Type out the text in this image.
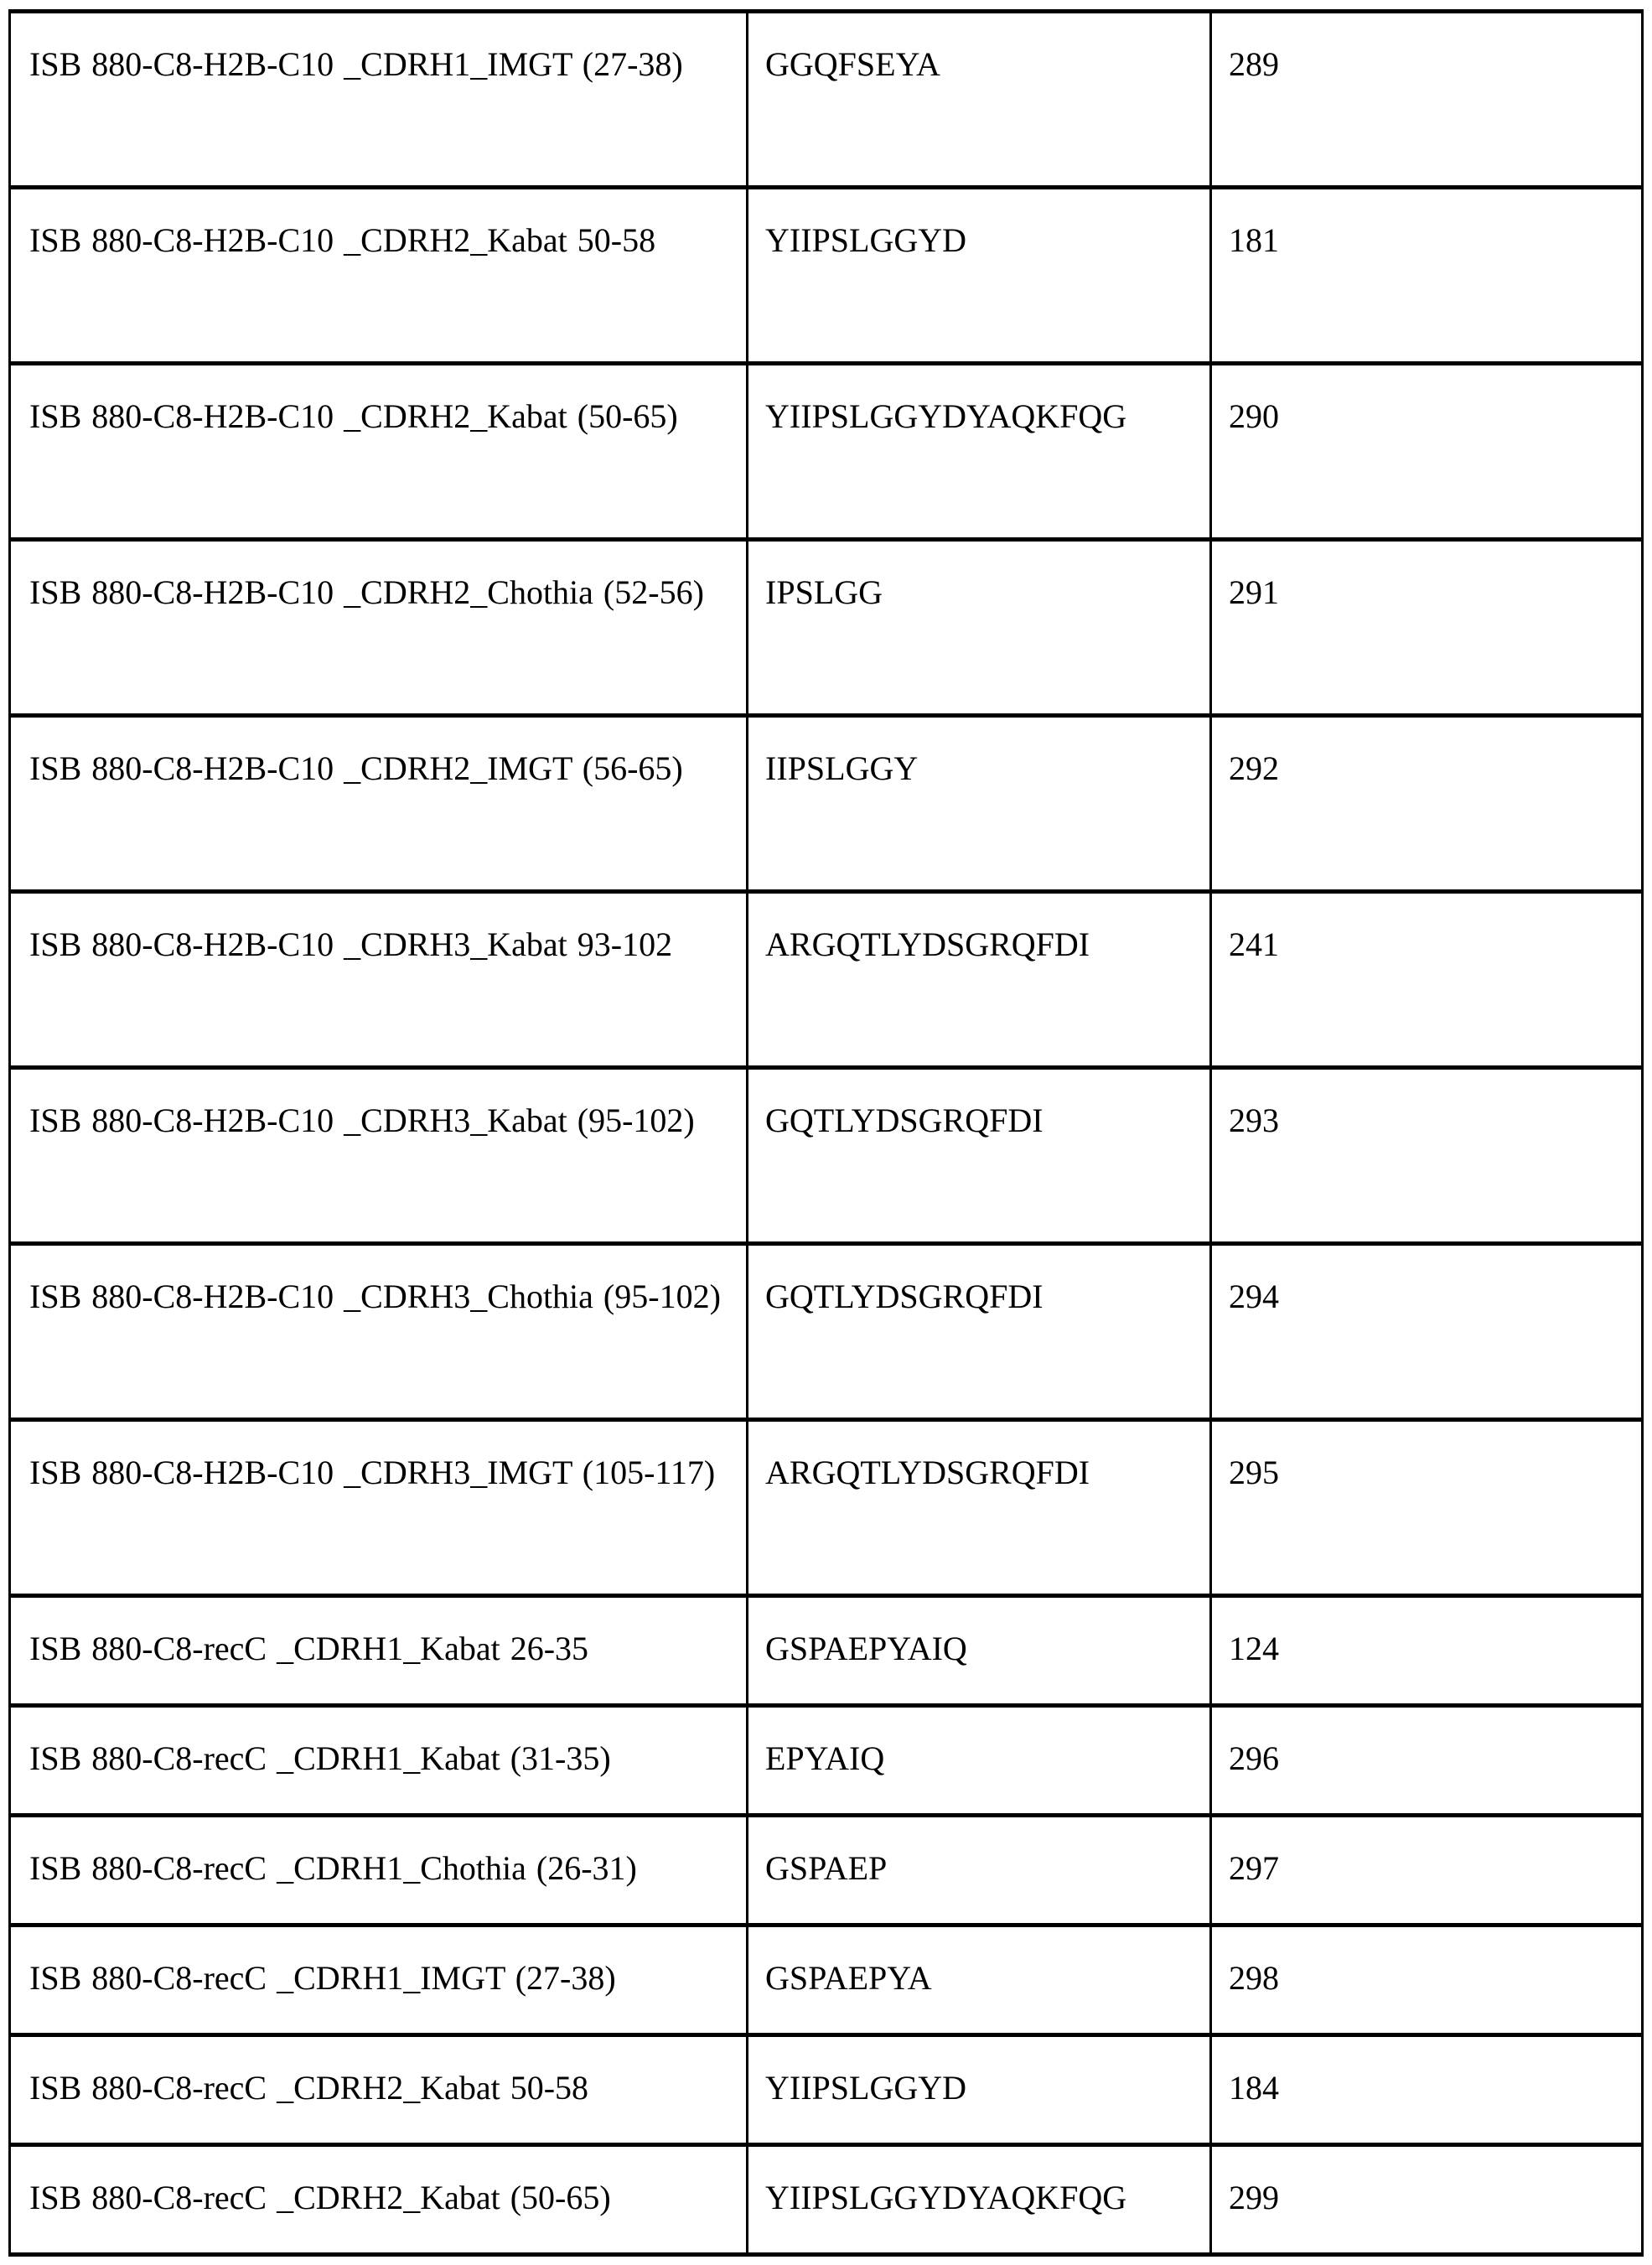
ISB 880-C8-H2B-C10 _CDRH1_IMGT (27-38)	GGQFSEYA	289
ISB 880-C8-H2B-C10 _CDRH2_Kabat 50-58	YIIPSLGGYD	181
ISB 880-C8-H2B-C10 _CDRH2_Kabat (50-65)	YIIPSLGGYDYAQKFQG	290
ISB 880-C8-H2B-C10 _CDRH2_Chothia (52-56)	IPSLGG	291
ISB 880-C8-H2B-C10 _CDRH2_IMGT (56-65)	IIPSLGGY	292
ISB 880-C8-H2B-C10 _CDRH3_Kabat 93-102	ARGQTLYDSGRQFDI	241
ISB 880-C8-H2B-C10 _CDRH3_Kabat (95-102)	GQTLYDSGRQFDI	293
ISB 880-C8-H2B-C10 _CDRH3_Chothia (95-102)	GQTLYDSGRQFDI	294
ISB 880-C8-H2B-C10 _CDRH3_IMGT (105-117)	ARGQTLYDSGRQFDI	295
ISB 880-C8-recC _CDRH1_Kabat 26-35	GSPAEPYAIQ	124
ISB 880-C8-recC _CDRH1_Kabat (31-35)	EPYAIQ	296
ISB 880-C8-recC _CDRH1_Chothia (26-31)	GSPAEP	297
ISB 880-C8-recC _CDRH1_IMGT (27-38)	GSPAEPYA	298
ISB 880-C8-recC _CDRH2_Kabat 50-58	YIIPSLGGYD	184
ISB 880-C8-recC _CDRH2_Kabat (50-65)	YIIPSLGGYDYAQKFQG	299
